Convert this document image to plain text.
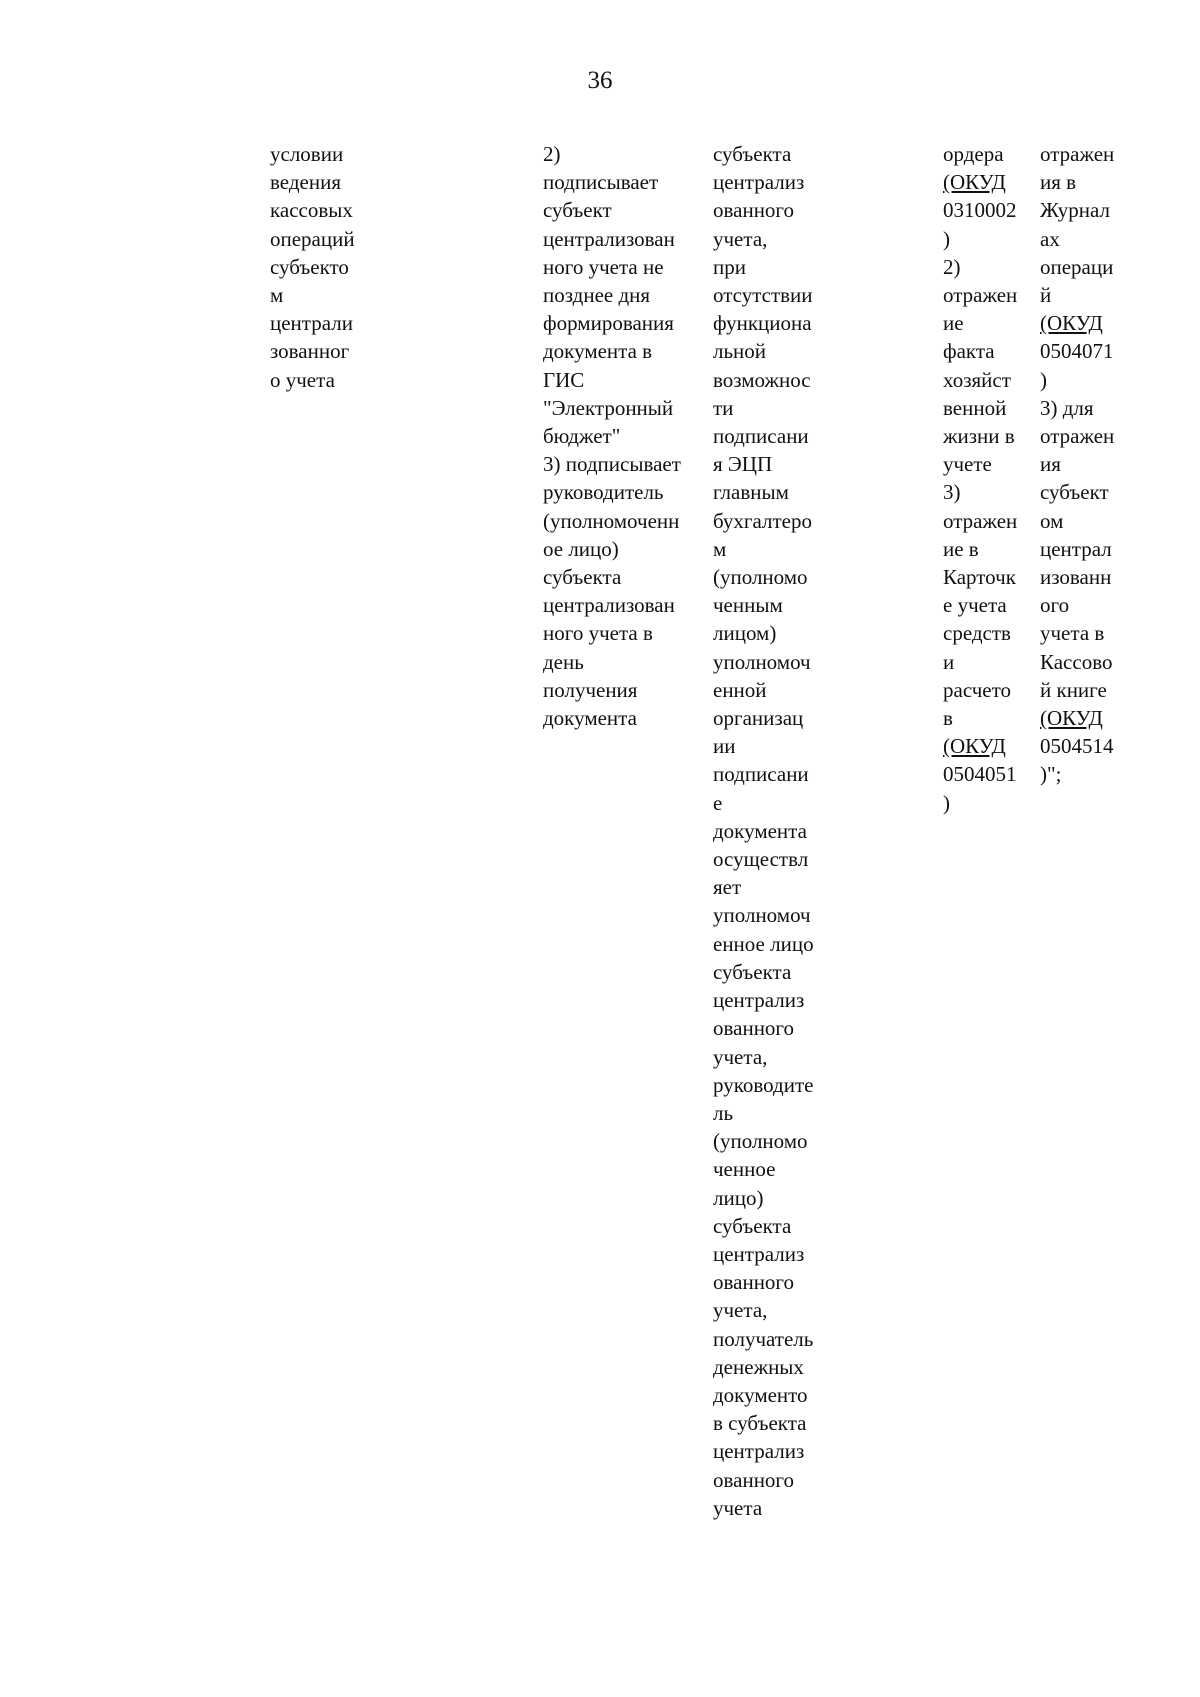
36
условии
ведения
кассовых
операций
субъекто
м
централи
зованног
о учета
2)
подписывает
субъект
централизован
ного учета не
позднее дня
формирования
документа в
ГИС
"Электронный
бюджет"
3) подписывает
руководитель
(уполномоченн
ое лицо)
субъекта
централизован
ного учета в
день
получения
документа
субъекта
централиз
ованного
учета,
при
отсутствии
функциона
льной
возможнос
ти
подписани
я ЭЦП
главным
бухгалтеро
м
(уполномо
ченным
лицом)
уполномоч
енной
организац
ии
подписани
е
документа
осуществл
яет
уполномоч
енное лицо
субъекта
централиз
ованного
учета,
руководите
ль
(уполномо
ченное
лицо)
субъекта
централиз
ованного
учета,
получатель
денежных
документо
в субъекта
централиз
ованного
учета
ордера
(ОКУД
0310002
)
2)
отражен
ие
факта
хозяйст
венной
жизни в
учете
3)
отражен
ие в
Карточк
е учета
средств
и
расчето
в
(ОКУД
0504051
)
отражен
ия в
Журнал
ах
операци
й
(ОКУД
0504071
)
3) для
отражен
ия
субъект
ом
централ
изованн
ого
учета в
Кассово
й книге
(ОКУД
0504514
)";
